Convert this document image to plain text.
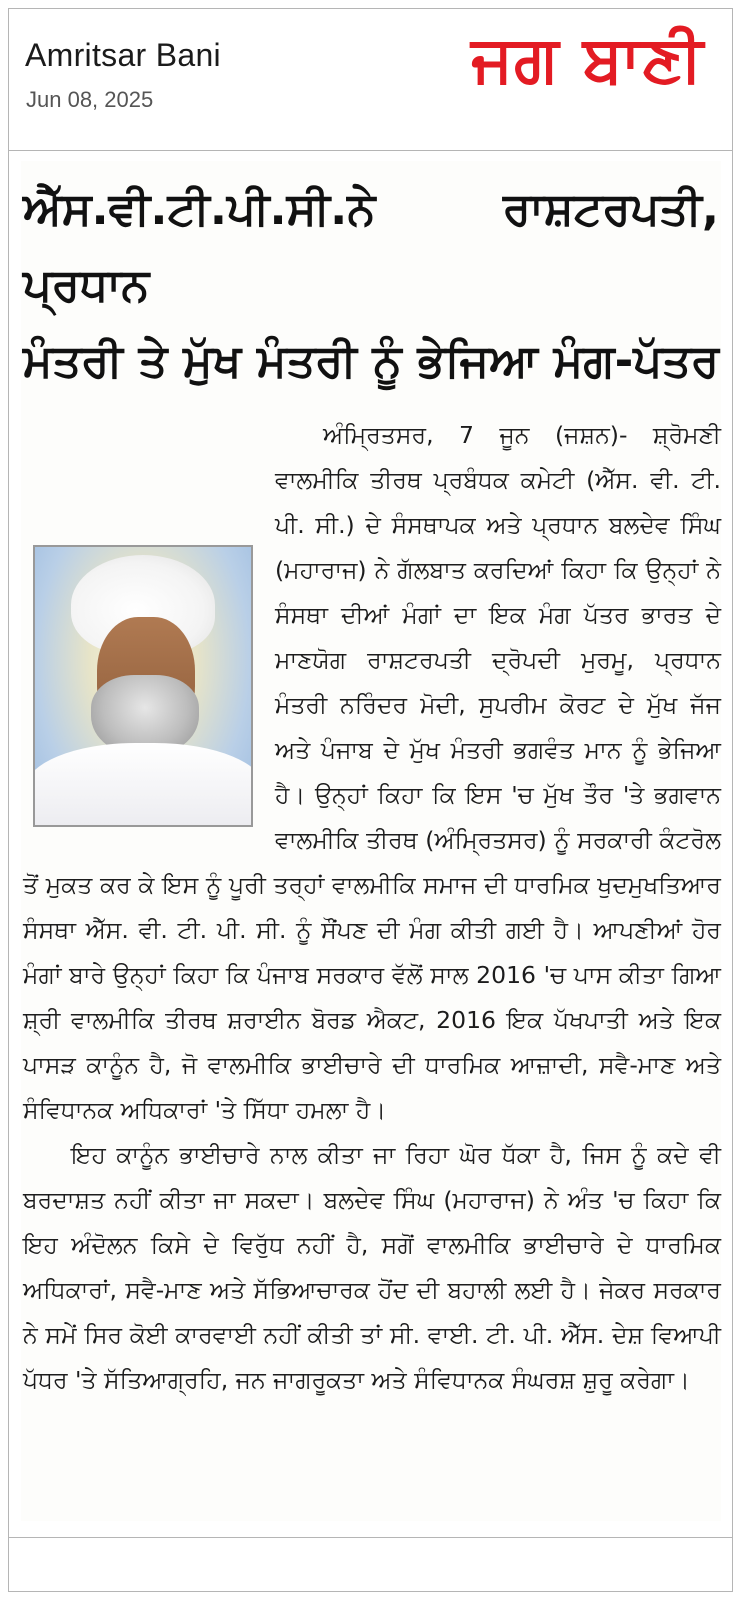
Amritsar Bani
Jun 08, 2025
ਜਗ ਬਾਣੀ
ਐੱਸ.ਵੀ.ਟੀ.ਪੀ.ਸੀ.ਨੇ ਰਾਸ਼ਟਰਪਤੀ, ਪ੍ਰਧਾਨ
ਮੰਤਰੀ ਤੇ ਮੁੱਖ ਮੰਤਰੀ ਨੂੰ ਭੇਜਿਆ ਮੰਗ-ਪੱਤਰ

ਅੰਮ੍ਰਿਤਸਰ, 7 ਜੂਨ (ਜਸ਼ਨ)- ਸ਼੍ਰੋਮਣੀ ਵਾਲਮੀਕਿ ਤੀਰਥ ਪ੍ਰਬੰਧਕ ਕਮੇਟੀ (ਐੱਸ. ਵੀ. ਟੀ. ਪੀ. ਸੀ.) ਦੇ ਸੰਸਥਾਪਕ ਅਤੇ ਪ੍ਰਧਾਨ ਬਲਦੇਵ ਸਿੰਘ (ਮਹਾਰਾਜ) ਨੇ ਗੱਲਬਾਤ ਕਰਦਿਆਂ ਕਿਹਾ ਕਿ ਉਨ੍ਹਾਂ ਨੇ ਸੰਸਥਾ ਦੀਆਂ ਮੰਗਾਂ ਦਾ ਇਕ ਮੰਗ ਪੱਤਰ ਭਾਰਤ ਦੇ ਮਾਣਯੋਗ ਰਾਸ਼ਟਰਪਤੀ ਦ੍ਰੋਪਦੀ ਮੁਰਮੂ, ਪ੍ਰਧਾਨ ਮੰਤਰੀ ਨਰਿੰਦਰ ਮੋਦੀ, ਸੁਪਰੀਮ ਕੋਰਟ ਦੇ ਮੁੱਖ ਜੱਜ ਅਤੇ ਪੰਜਾਬ ਦੇ ਮੁੱਖ ਮੰਤਰੀ ਭਗਵੰਤ ਮਾਨ ਨੂੰ ਭੇਜਿਆ ਹੈ। ਉਨ੍ਹਾਂ ਕਿਹਾ ਕਿ ਇਸ 'ਚ ਮੁੱਖ ਤੌਰ 'ਤੇ ਭਗਵਾਨ ਵਾਲਮੀਕਿ ਤੀਰਥ (ਅੰਮ੍ਰਿਤਸਰ) ਨੂੰ ਸਰਕਾਰੀ ਕੰਟਰੋਲ ਤੋਂ ਮੁਕਤ ਕਰ ਕੇ ਇਸ ਨੂੰ ਪੂਰੀ ਤਰ੍ਹਾਂ ਵਾਲਮੀਕਿ ਸਮਾਜ ਦੀ ਧਾਰਮਿਕ ਖੁਦਮੁਖਤਿਆਰ ਸੰਸਥਾ ਐੱਸ. ਵੀ. ਟੀ. ਪੀ. ਸੀ. ਨੂੰ ਸੌਂਪਣ ਦੀ ਮੰਗ ਕੀਤੀ ਗਈ ਹੈ। ਆਪਣੀਆਂ ਹੋਰ ਮੰਗਾਂ ਬਾਰੇ ਉਨ੍ਹਾਂ ਕਿਹਾ ਕਿ ਪੰਜਾਬ ਸਰਕਾਰ ਵੱਲੋਂ ਸਾਲ 2016 'ਚ ਪਾਸ ਕੀਤਾ ਗਿਆ ਸ਼੍ਰੀ ਵਾਲਮੀਕਿ ਤੀਰਥ ਸ਼ਰਾਈਨ ਬੋਰਡ ਐਕਟ, 2016 ਇਕ ਪੱਖਪਾਤੀ ਅਤੇ ਇਕ ਪਾਸੜ ਕਾਨੂੰਨ ਹੈ, ਜੋ ਵਾਲਮੀਕਿ ਭਾਈਚਾਰੇ ਦੀ ਧਾਰਮਿਕ ਆਜ਼ਾਦੀ, ਸਵੈ-ਮਾਣ ਅਤੇ ਸੰਵਿਧਾਨਕ ਅਧਿਕਾਰਾਂ 'ਤੇ ਸਿੱਧਾ ਹਮਲਾ ਹੈ।

ਇਹ ਕਾਨੂੰਨ ਭਾਈਚਾਰੇ ਨਾਲ ਕੀਤਾ ਜਾ ਰਿਹਾ ਘੋਰ ਧੱਕਾ ਹੈ, ਜਿਸ ਨੂੰ ਕਦੇ ਵੀ ਬਰਦਾਸ਼ਤ ਨਹੀਂ ਕੀਤਾ ਜਾ ਸਕਦਾ। ਬਲਦੇਵ ਸਿੰਘ (ਮਹਾਰਾਜ) ਨੇ ਅੰਤ 'ਚ ਕਿਹਾ ਕਿ ਇਹ ਅੰਦੋਲਨ ਕਿਸੇ ਦੇ ਵਿਰੁੱਧ ਨਹੀਂ ਹੈ, ਸਗੋਂ ਵਾਲਮੀਕਿ ਭਾਈਚਾਰੇ ਦੇ ਧਾਰਮਿਕ ਅਧਿਕਾਰਾਂ, ਸਵੈ-ਮਾਣ ਅਤੇ ਸੱਭਿਆਚਾਰਕ ਹੋਂਦ ਦੀ ਬਹਾਲੀ ਲਈ ਹੈ। ਜੇਕਰ ਸਰਕਾਰ ਨੇ ਸਮੇਂ ਸਿਰ ਕੋਈ ਕਾਰਵਾਈ ਨਹੀਂ ਕੀਤੀ ਤਾਂ ਸੀ. ਵਾਈ. ਟੀ. ਪੀ. ਐੱਸ. ਦੇਸ਼ ਵਿਆਪੀ ਪੱਧਰ 'ਤੇ ਸੱਤਿਆਗ੍ਰਹਿ, ਜਨ ਜਾਗਰੂਕਤਾ ਅਤੇ ਸੰਵਿਧਾਨਕ ਸੰਘਰਸ਼ ਸ਼ੁਰੂ ਕਰੇਗਾ।
